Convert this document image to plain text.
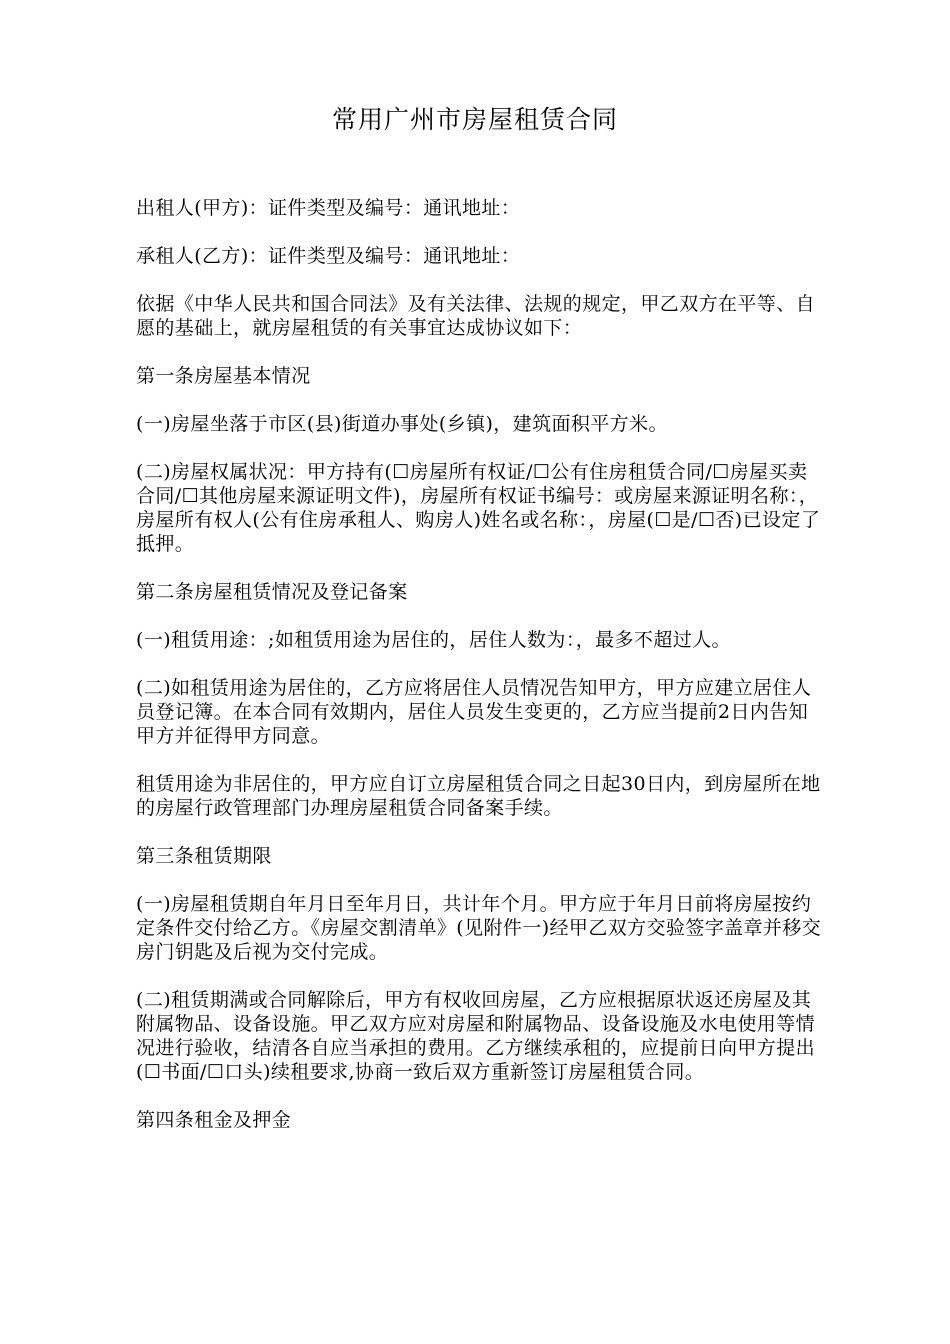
常用广州市房屋租赁合同

出租人(甲方)：证件类型及编号：通讯地址：

承租人(乙方)：证件类型及编号：通讯地址：

依据《中华人民共和国合同法》及有关法律、法规的规定，甲乙双方在平等、自愿的基础上，就房屋租赁的有关事宜达成协议如下：

第一条房屋基本情况

(一)房屋坐落于市区(县)街道办事处(乡镇)，建筑面积平方米。

(二)房屋权属状况：甲方持有(☐房屋所有权证/☐公有住房租赁合同/☐房屋买卖合同/☐其他房屋来源证明文件)，房屋所有权证书编号：或房屋来源证明名称：，房屋所有权人(公有住房承租人、购房人)姓名或名称：，房屋(☐是/☐否)已设定了抵押。

第二条房屋租赁情况及登记备案

(一)租赁用途：;如租赁用途为居住的，居住人数为：，最多不超过人。

(二)如租赁用途为居住的，乙方应将居住人员情况告知甲方，甲方应建立居住人员登记簿。在本合同有效期内，居住人员发生变更的，乙方应当提前2日内告知甲方并征得甲方同意。

租赁用途为非居住的，甲方应自订立房屋租赁合同之日起30日内，到房屋所在地的房屋行政管理部门办理房屋租赁合同备案手续。

第三条租赁期限

(一)房屋租赁期自年月日至年月日，共计年个月。甲方应于年月日前将房屋按约定条件交付给乙方。《房屋交割清单》(见附件一)经甲乙双方交验签字盖章并移交房门钥匙及后视为交付完成。

(二)租赁期满或合同解除后，甲方有权收回房屋，乙方应根据原状返还房屋及其附属物品、设备设施。甲乙双方应对房屋和附属物品、设备设施及水电使用等情况进行验收，结清各自应当承担的费用。乙方继续承租的，应提前日向甲方提出(☐书面/☐口头)续租要求,协商一致后双方重新签订房屋租赁合同。

第四条租金及押金
